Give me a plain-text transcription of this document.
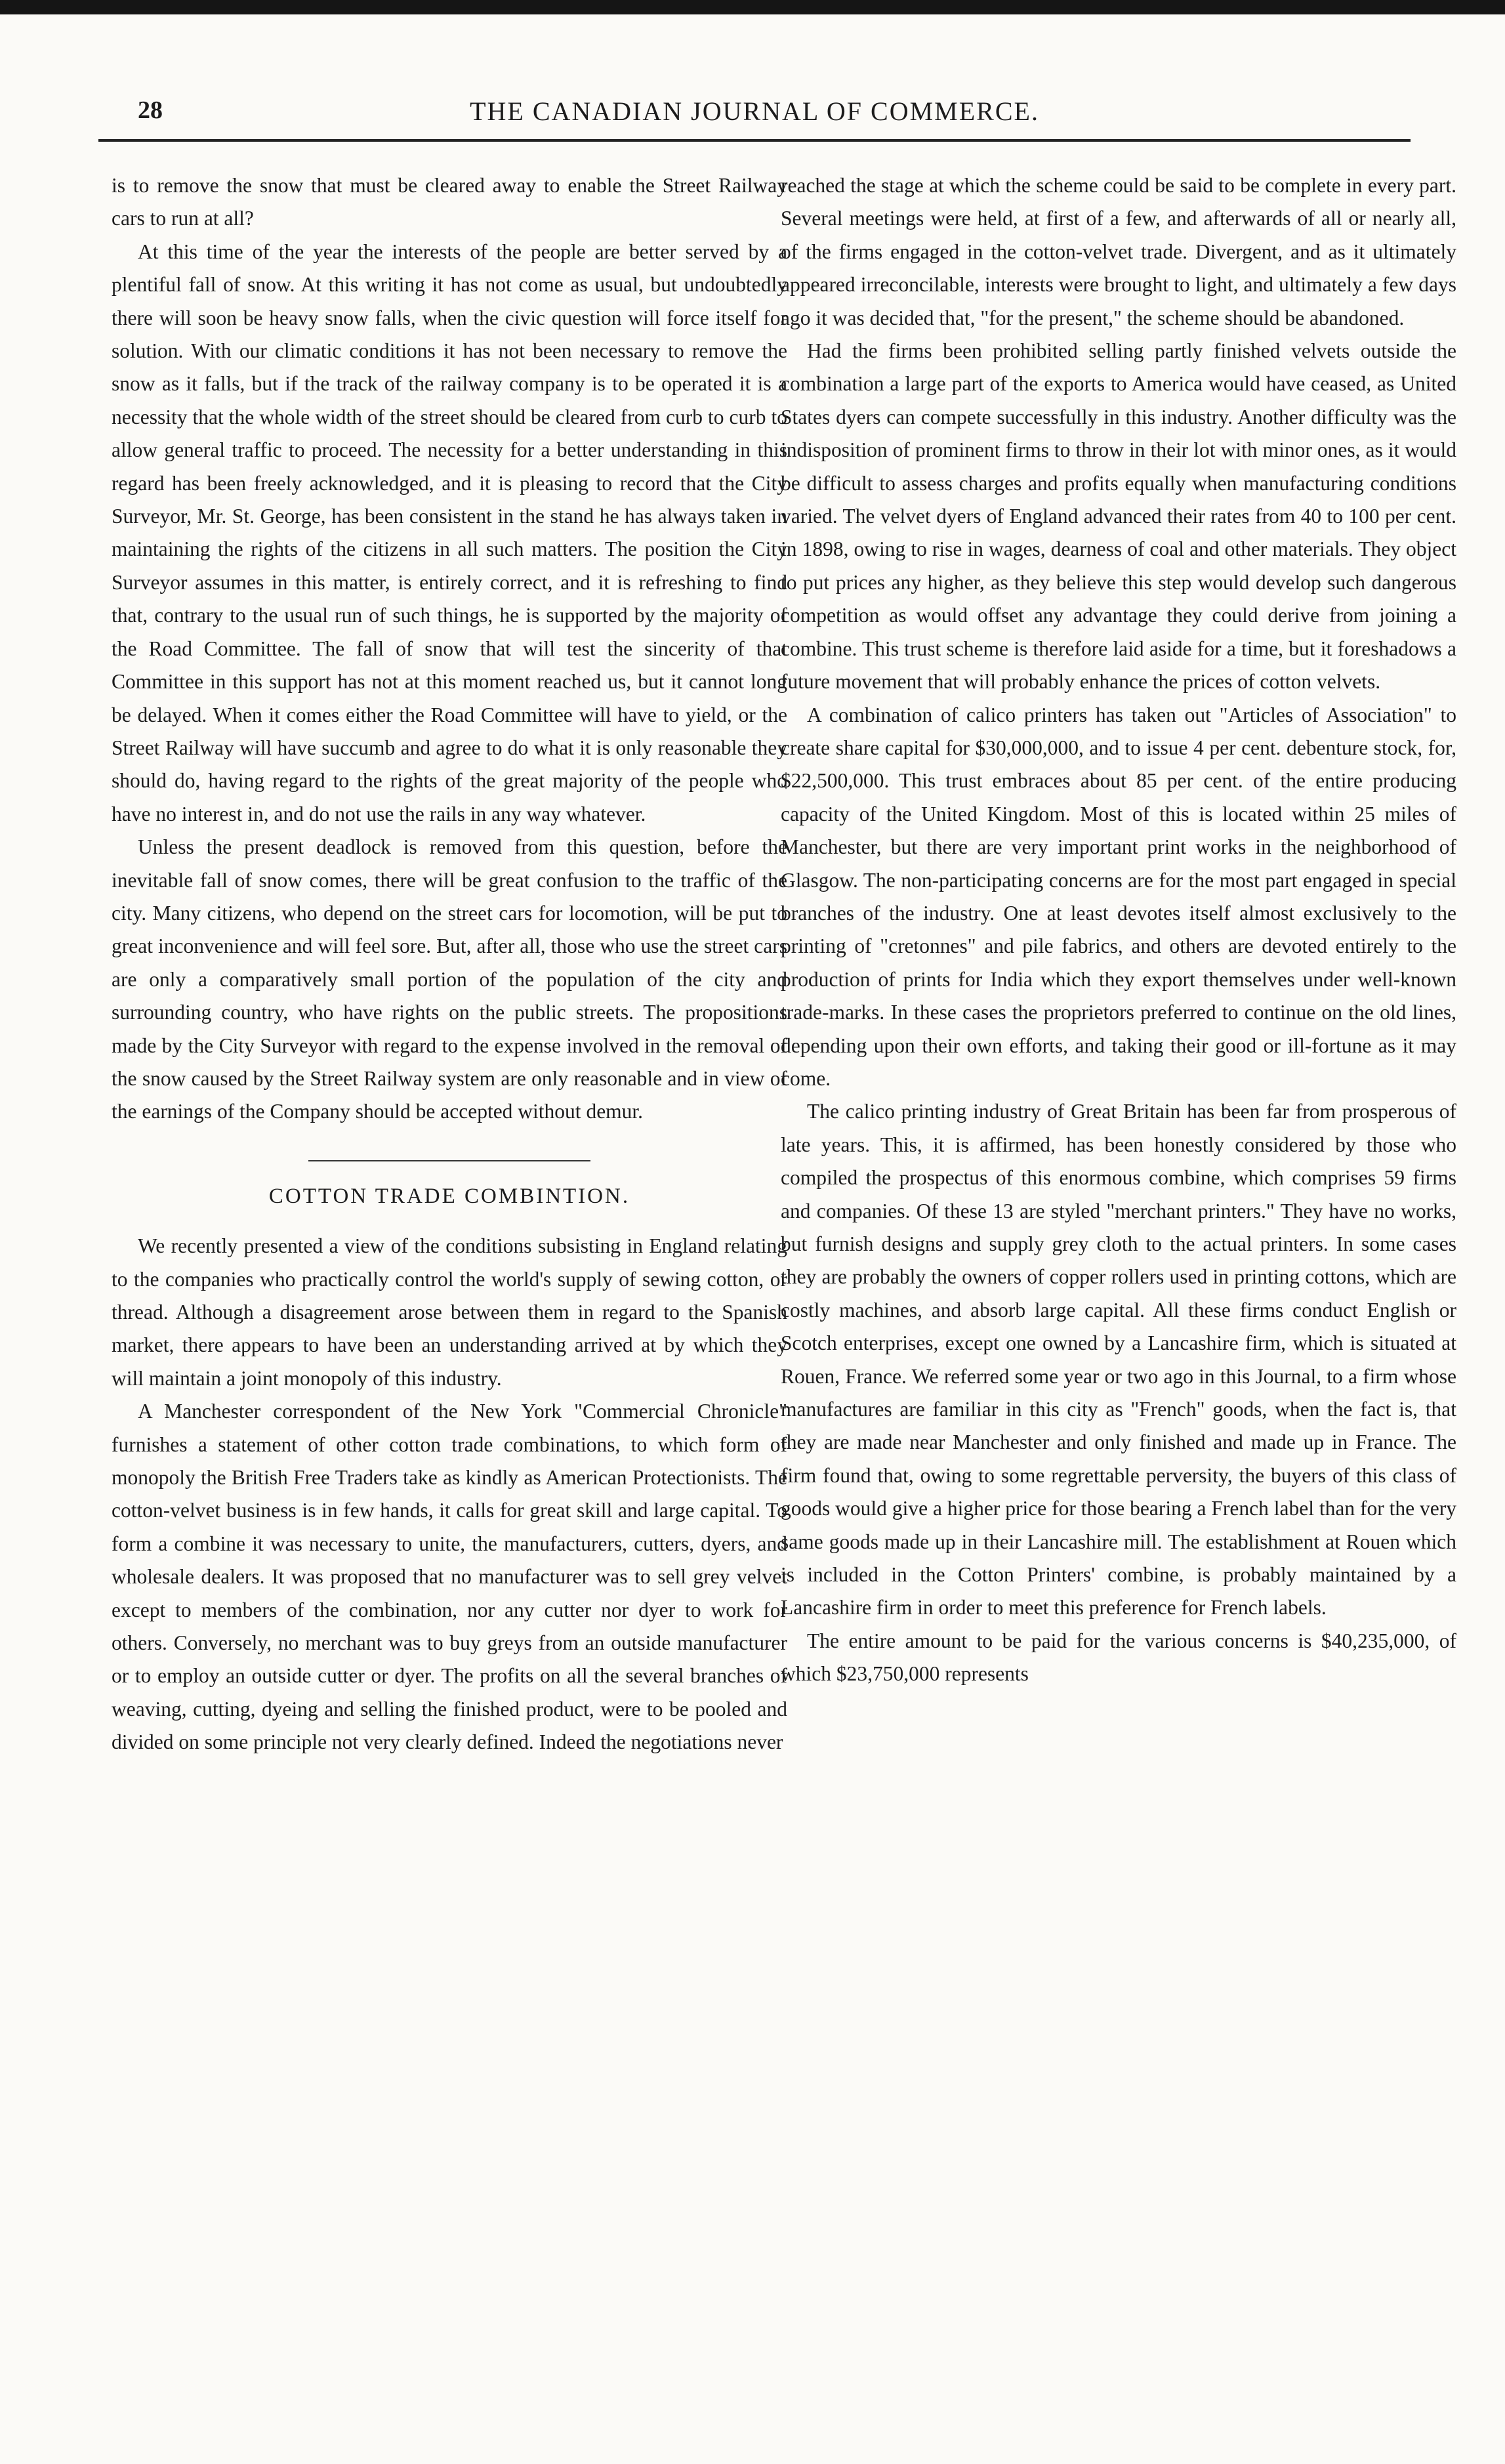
28	THE CANADIAN JOURNAL OF COMMERCE.

is to remove the snow that must be cleared away to enable the Street Railway cars to run at all?

At this time of the year the interests of the people are better served by a plentiful fall of snow. At this writing it has not come as usual, but undoubtedly there will soon be heavy snow falls, when the civic question will force itself for solution. With our climatic conditions it has not been necessary to remove the snow as it falls, but if the track of the railway company is to be operated it is a necessity that the whole width of the street should be cleared from curb to curb to allow general traffic to proceed. The necessity for a better understanding in this regard has been freely acknowledged, and it is pleasing to record that the City Surveyor, Mr. St. George, has been consistent in the stand he has always taken in maintaining the rights of the citizens in all such matters. The position the City Surveyor assumes in this matter, is entirely correct, and it is refreshing to find that, contrary to the usual run of such things, he is supported by the majority of the Road Committee. The fall of snow that will test the sincerity of that Committee in this support has not at this moment reached us, but it cannot long be delayed. When it comes either the Road Committee will have to yield, or the Street Railway will have succumb and agree to do what it is only reasonable they should do, having regard to the rights of the great majority of the people who have no interest in, and do not use the rails in any way whatever.

Unless the present deadlock is removed from this question, before the inevitable fall of snow comes, there will be great confusion to the traffic of the city. Many citizens, who depend on the street cars for locomotion, will be put to great inconvenience and will feel sore. But, after all, those who use the street cars are only a comparatively small portion of the population of the city and surrounding country, who have rights on the public streets. The propositions made by the City Surveyor with regard to the expense involved in the removal of the snow caused by the Street Railway system are only reasonable and in view of the earnings of the Company should be accepted without demur.

COTTON TRADE COMBINTION.

We recently presented a view of the conditions subsisting in England relating to the companies who practically control the world's supply of sewing cotton, or thread. Although a disagreement arose between them in regard to the Spanish market, there appears to have been an understanding arrived at by which they will maintain a joint monopoly of this industry.

A Manchester correspondent of the New York "Commercial Chronicle" furnishes a statement of other cotton trade combinations, to which form of monopoly the British Free Traders take as kindly as American Protectionists. The cotton-velvet business is in few hands, it calls for great skill and large capital. To form a combine it was necessary to unite, the manufacturers, cutters, dyers, and wholesale dealers. It was proposed that no manufacturer was to sell grey velvet except to members of the combination, nor any cutter nor dyer to work for others. Conversely, no merchant was to buy greys from an outside manufacturer or to employ an outside cutter or dyer. The profits on all the several branches of weaving, cutting, dyeing and selling the finished product, were to be pooled and divided on some principle not very clearly defined. Indeed the negotiations never

reached the stage at which the scheme could be said to be complete in every part. Several meetings were held, at first of a few, and afterwards of all or nearly all, of the firms engaged in the cotton-velvet trade. Divergent, and as it ultimately appeared irreconcilable, interests were brought to light, and ultimately a few days ago it was decided that, "for the present," the scheme should be abandoned.

Had the firms been prohibited selling partly finished velvets outside the combination a large part of the exports to America would have ceased, as United States dyers can compete successfully in this industry. Another difficulty was the indisposition of prominent firms to throw in their lot with minor ones, as it would be difficult to assess charges and profits equally when manufacturing conditions varied. The velvet dyers of England advanced their rates from 40 to 100 per cent. in 1898, owing to rise in wages, dearness of coal and other materials. They object to put prices any higher, as they believe this step would develop such dangerous competition as would offset any advantage they could derive from joining a combine. This trust scheme is therefore laid aside for a time, but it foreshadows a future movement that will probably enhance the prices of cotton velvets.

A combination of calico printers has taken out "Articles of Association" to create share capital for $30,000,000, and to issue 4 per cent. debenture stock, for, $22,500,000. This trust embraces about 85 per cent. of the entire producing capacity of the United Kingdom. Most of this is located within 25 miles of Manchester, but there are very important print works in the neighborhood of Glasgow. The non-participating concerns are for the most part engaged in special branches of the industry. One at least devotes itself almost exclusively to the printing of "cretonnes" and pile fabrics, and others are devoted entirely to the production of prints for India which they export themselves under well-known trade-marks. In these cases the proprietors preferred to continue on the old lines, depending upon their own efforts, and taking their good or ill-fortune as it may come.

The calico printing industry of Great Britain has been far from prosperous of late years. This, it is affirmed, has been honestly considered by those who compiled the prospectus of this enormous combine, which comprises 59 firms and companies. Of these 13 are styled "merchant printers." They have no works, but furnish designs and supply grey cloth to the actual printers. In some cases they are probably the owners of copper rollers used in printing cottons, which are costly machines, and absorb large capital. All these firms conduct English or Scotch enterprises, except one owned by a Lancashire firm, which is situated at Rouen, France. We referred some year or two ago in this Journal, to a firm whose manufactures are familiar in this city as "French" goods, when the fact is, that they are made near Manchester and only finished and made up in France. The firm found that, owing to some regrettable perversity, the buyers of this class of goods would give a higher price for those bearing a French label than for the very same goods made up in their Lancashire mill. The establishment at Rouen which is included in the Cotton Printers' combine, is probably maintained by a Lancashire firm in order to meet this preference for French labels.

The entire amount to be paid for the various concerns is $40,235,000, of which $23,750,000 represents
